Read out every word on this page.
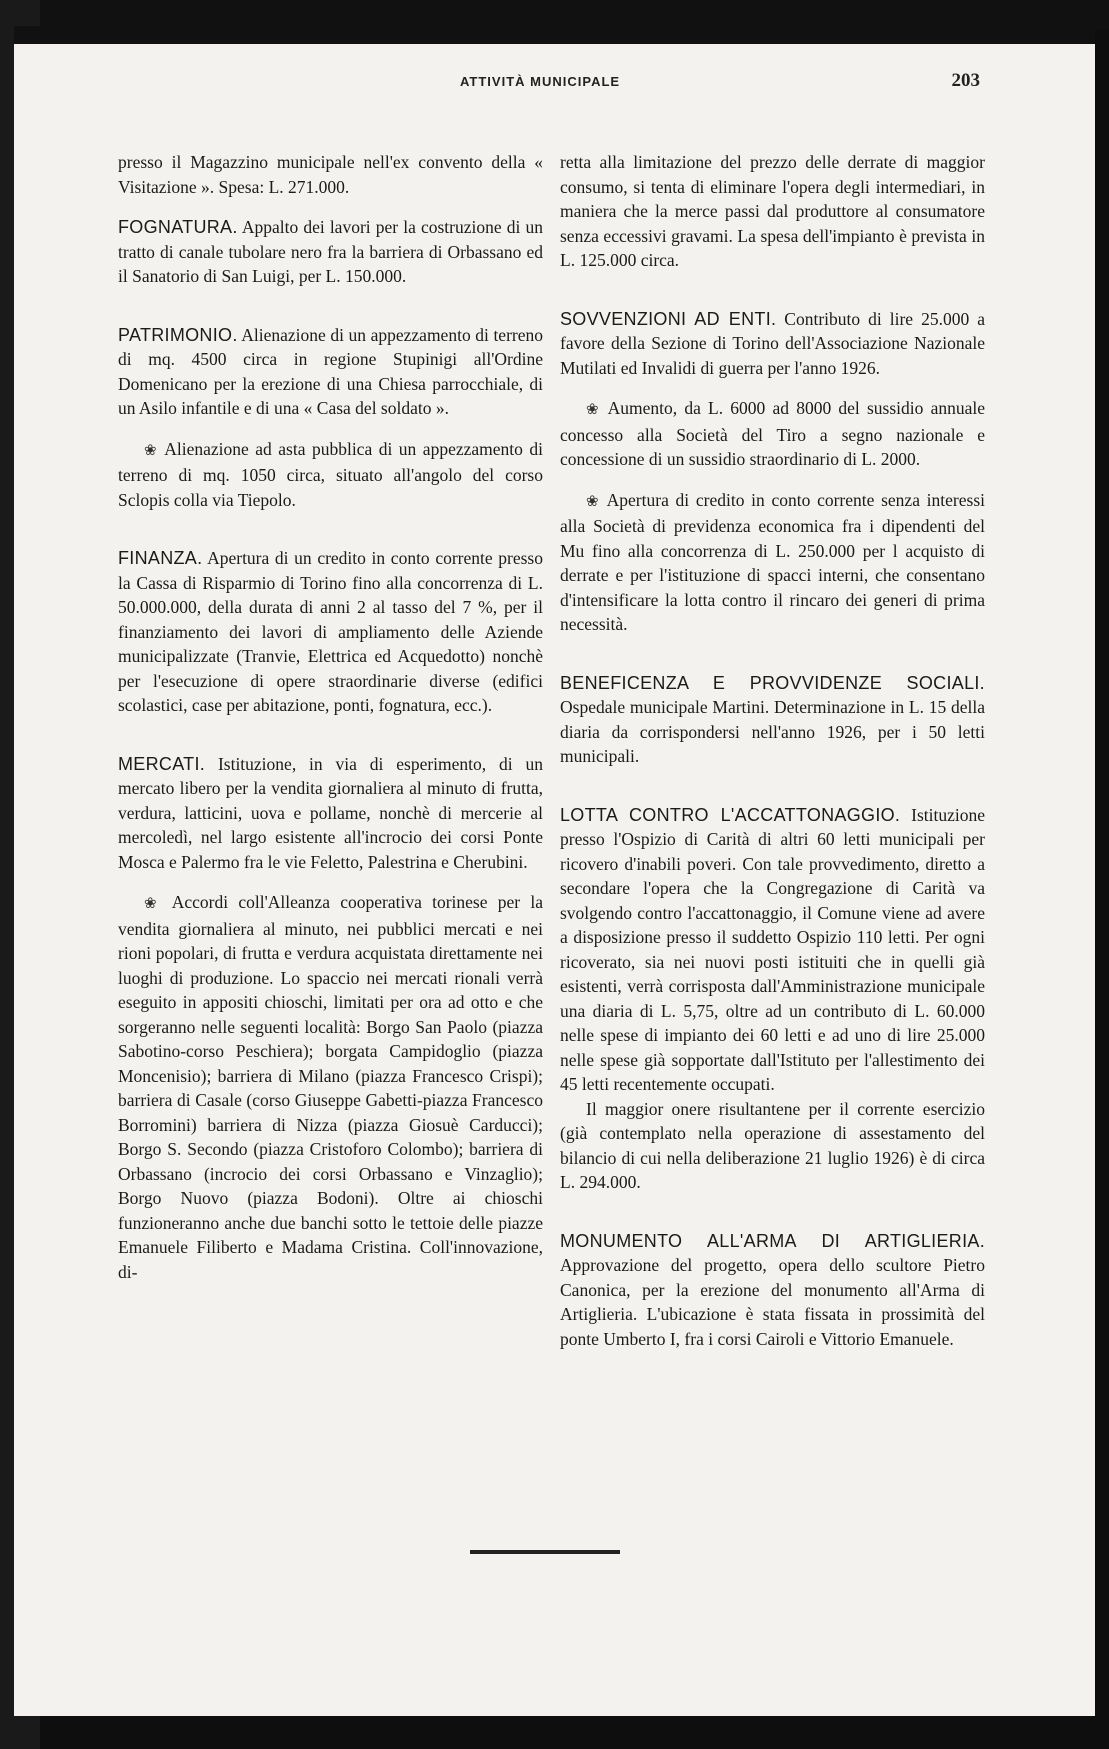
ATTIVITÀ MUNICIPALE	203

presso il Magazzino municipale nell'ex convento della « Visitazione ». Spesa: L. 271.000.

FOGNATURA. Appalto dei lavori per la costruzione di un tratto di canale tubolare nero fra la barriera di Orbassano ed il Sanatorio di San Luigi, per L. 150.000.

PATRIMONIO. Alienazione di un appezzamento di terreno di mq. 4500 circa in regione Stupinigi all'Ordine Domenicano per la erezione di una Chiesa parrocchiale, di un Asilo infantile e di una « Casa del soldato ».

❀ Alienazione ad asta pubblica di un appezzamento di terreno di mq. 1050 circa, situato all'angolo del corso Sclopis colla via Tiepolo.

FINANZA. Apertura di un credito in conto corrente presso la Cassa di Risparmio di Torino fino alla concorrenza di L. 50.000.000, della durata di anni 2 al tasso del 7 %, per il finanziamento dei lavori di ampliamento delle Aziende municipalizzate (Tranvie, Elettrica ed Acquedotto) nonchè per l'esecuzione di opere straordinarie diverse (edifici scolastici, case per abitazione, ponti, fognatura, ecc.).

MERCATI. Istituzione, in via di esperimento, di un mercato libero per la vendita giornaliera al minuto di frutta, verdura, latticini, uova e pollame, nonchè di mercerie al mercoledì, nel largo esistente all'incrocio dei corsi Ponte Mosca e Palermo fra le vie Feletto, Palestrina e Cherubini.

❀ Accordi coll'Alleanza cooperativa torinese per la vendita giornaliera al minuto, nei pubblici mercati e nei rioni popolari, di frutta e verdura acquistata direttamente nei luoghi di produzione. Lo spaccio nei mercati rionali verrà eseguito in appositi chioschi, limitati per ora ad otto e che sorgeranno nelle seguenti località: Borgo San Paolo (piazza Sabotino-corso Peschiera); borgata Campidoglio (piazza Moncenisio); barriera di Milano (piazza Francesco Crispi); barriera di Casale (corso Giuseppe Gabetti-piazza Francesco Borromini) barriera di Nizza (piazza Giosuè Carducci); Borgo S. Secondo (piazza Cristoforo Colombo); barriera di Orbassano (incrocio dei corsi Orbassano e Vinzaglio); Borgo Nuovo (piazza Bodoni). Oltre ai chioschi funzioneranno anche due banchi sotto le tettoie delle piazze Emanuele Filiberto e Madama Cristina. Coll'innovazione, di-

retta alla limitazione del prezzo delle derrate di maggior consumo, si tenta di eliminare l'opera degli intermediari, in maniera che la merce passi dal produttore al consumatore senza eccessivi gravami. La spesa dell'impianto è prevista in L. 125.000 circa.

SOVVENZIONI AD ENTI. Contributo di lire 25.000 a favore della Sezione di Torino dell'Associazione Nazionale Mutilati ed Invalidi di guerra per l'anno 1926.

❀ Aumento, da L. 6000 ad 8000 del sussidio annuale concesso alla Società del Tiro a segno nazionale e concessione di un sussidio straordinario di L. 2000.

❀ Apertura di credito in conto corrente senza interessi alla Società di previdenza economica fra i dipendenti del Mu fino alla concorrenza di L. 250.000 per l acquisto di derrate e per l'istituzione di spacci interni, che consentano d'intensificare la lotta contro il rincaro dei generi di prima necessità.

BENEFICENZA E PROVVIDENZE SOCIALI. Ospedale municipale Martini. Determinazione in L. 15 della diaria da corrispondersi nell'anno 1926, per i 50 letti municipali.

LOTTA CONTRO L'ACCATTONAGGIO. Istituzione presso l'Ospizio di Carità di altri 60 letti municipali per ricovero d'inabili poveri. Con tale provvedimento, diretto a secondare l'opera che la Congregazione di Carità va svolgendo contro l'accattonaggio, il Comune viene ad avere a disposizione presso il suddetto Ospizio 110 letti. Per ogni ricoverato, sia nei nuovi posti istituiti che in quelli già esistenti, verrà corrisposta dall'Amministrazione municipale una diaria di L. 5,75, oltre ad un contributo di L. 60.000 nelle spese di impianto dei 60 letti e ad uno di lire 25.000 nelle spese già sopportate dall'Istituto per l'allestimento dei 45 letti recentemente occupati.

Il maggior onere risultantene per il corrente esercizio (già contemplato nella operazione di assestamento del bilancio di cui nella deliberazione 21 luglio 1926) è di circa L. 294.000.

MONUMENTO ALL'ARMA DI ARTIGLIERIA. Approvazione del progetto, opera dello scultore Pietro Canonica, per la erezione del monumento all'Arma di Artiglieria. L'ubicazione è stata fissata in prossimità del ponte Umberto I, fra i corsi Cairoli e Vittorio Emanuele.
